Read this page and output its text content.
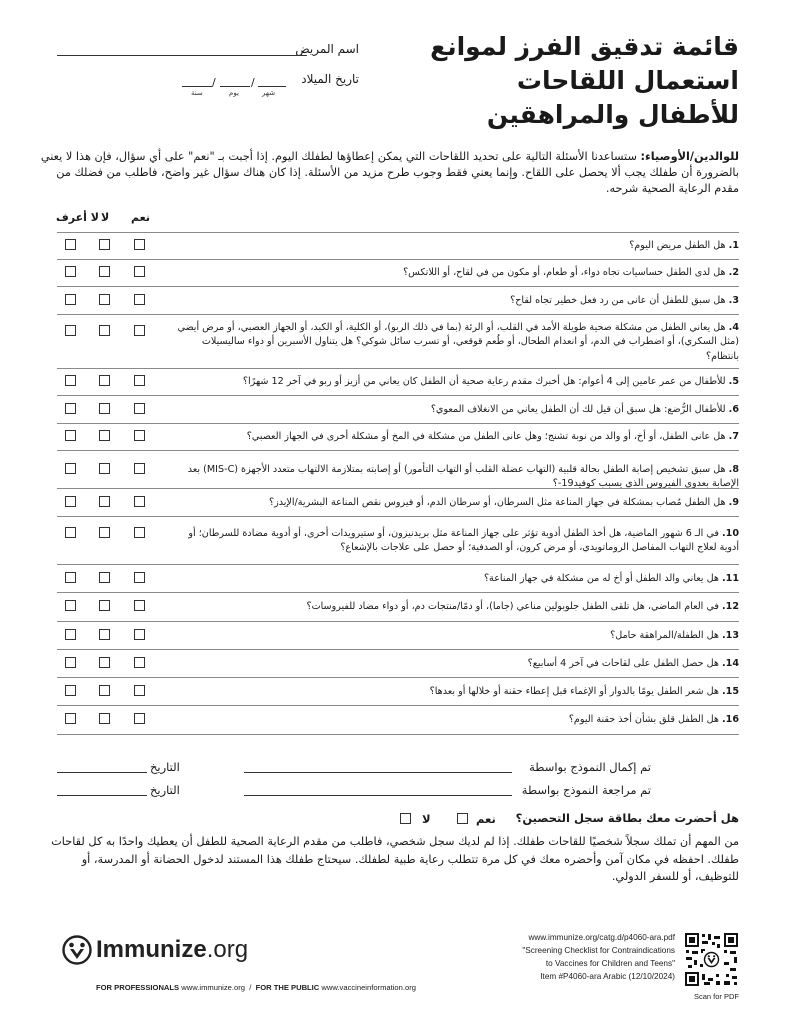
قائمة تدقيق الفرز لموانع
استعمال اللقاحات
للأطفال والمراهقين
اسم المريض
تاريخ الميلاد
/
/
شهر
يوم
سنة
للوالدين/الأوصياء: ستساعدنا الأسئلة التالية على تحديد اللقاحات التي يمكن إعطاؤها لطفلك اليوم. إذا أجبت بـ "نعم" على أي سؤال، فإن هذا لا يعني بالضرورة أن طفلك يجب ألا يحصل على اللقاح. وإنما يعني فقط وجوب طرح مزيد من الأسئلة. إذا كان هناك سؤال غير واضح، فاطلب من فضلك من مقدم الرعاية الصحية شرحه.
نعم
لا
لا أعرف
1. هل الطفل مريض اليوم؟
2. هل لدى الطفل حساسيات تجاه دواء، أو طعام، أو مكون من في لقاح، أو اللاتكس؟
3. هل سبق للطفل أن عانى من رد فعل خطير تجاه لقاح؟
4. هل يعاني الطفل من مشكلة صحية طويلة الأمد في القلب، أو الرئة (بما في ذلك الربو)، أو الكلية، أو الكبد، أو الجهاز العصبي، أو مرض أيضي (مثل السكري)، أو اضطراب في الدم، أو انعدام الطحال، أو طُعم قوقعي، أو تسرب سائل شوكي؟ هل يتناول الأسبرين أو دواء ساليسيلات بانتظام؟
5. للأطفال من عمر عامين إلى 4 أعوام: هل أخبرك مقدم رعاية صحية أن الطفل كان يعاني من أزيز أو ربو في آخر 12 شهرًا؟
6. للأطفال الرُّضع: هل سبق أن قيل لك أن الطفل يعاني من الانغلاف المعوي؟
7. هل عانى الطفل، أو أخ، أو والد من نوبة تشنج؛ وهل عانى الطفل من مشكلة في المخ أو مشكلة أخرى في الجهاز العصبي؟
8. هل سبق تشخيص إصابة الطفل بحالة قلبية (التهاب عضلة القلب أو التهاب التأمور) أو إصابته بمتلازمة الالتهاب متعدد الأجهزة (MIS-C) بعد الإصابة بعدوى الفيروس الذي يسبب كوفيد19-؟
9. هل الطفل مُصاب بمشكلة في جهاز المناعة مثل السرطان، أو سرطان الدم، أو فيروس نقص المناعة البشرية/الإيدز؟
10. في الـ 6 شهور الماضية، هل أخذ الطفل أدوية تؤثر على جهاز المناعة مثل بريدنيزون، أو ستيرويدات أخرى، أو أدوية مضادة للسرطان؛ أو أدوية لعلاج التهاب المفاصل الروماتويدي، أو مرض كرون، أو الصدفية؛ أو حصل على علاجات بالإشعاع؟
11. هل يعاني والد الطفل أو أخ له من مشكلة في جهاز المناعة؟
12. في العام الماضي، هل تلقى الطفل جلوبولين مناعي (جاما)، أو دمًا/منتجات دم، أو دواء مضاد للفيروسات؟
13. هل الطفلة/المراهقة حامل؟
14. هل حصل الطفل على لقاحات في آخر 4 أسابيع؟
15. هل شعر الطفل يومًا بالدوار أو الإغماء قبل إعطاء حقنة أو خلالها أو بعدها؟
16. هل الطفل قلق بشأن أخذ حقنة اليوم؟
تم إكمال النموذج بواسطة
التاريخ
تم مراجعة النموذج بواسطة
التاريخ
هل أحضرت معك بطاقة سجل التحصين؟
نعم
لا
من المهم أن تملك سجلاً شخصيًا للقاحات طفلك. إذا لم لديك سجل شخصي، فاطلب من مقدم الرعاية الصحية للطفل أن يعطيك واحدًا به كل لقاحات طفلك. احفظه في مكان آمن وأحضره معك في كل مرة تتطلب رعاية طبية لطفلك. سيحتاج طفلك هذا المستند لدخول الحضانة أو المدرسة، أو للتوظيف، أو للسفر الدولي.
Immunize.org
FOR PROFESSIONALS www.immunize.org / FOR THE PUBLIC www.vaccineinformation.org
www.immunize.org/catg.d/p4060-ara.pdf
"Screening Checklist for Contraindications
to Vaccines for Children and Teens"
Item #P4060-ara Arabic (12/10/2024)
Scan for PDF
